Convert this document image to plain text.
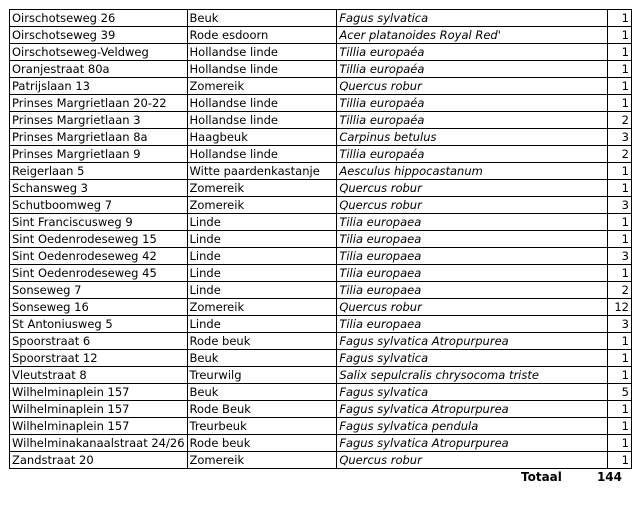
Oirschotseweg 26	Beuk	Fagus sylvatica	1
Oirschotseweg 39	Rode esdoorn	Acer platanoides Royal Red'	1
Oirschotseweg-Veldweg	Hollandse linde	Tillia europaéa	1
Oranjestraat 80a	Hollandse linde	Tillia europaéa	1
Patrijslaan 13	Zomereik	Quercus robur	1
Prinses Margrietlaan 20-22	Hollandse linde	Tillia europaéa	1
Prinses Margrietlaan 3	Hollandse linde	Tillia europaéa	2
Prinses Margrietlaan 8a	Haagbeuk	Carpinus betulus	3
Prinses Margrietlaan 9	Hollandse linde	Tillia europaéa	2
Reigerlaan 5	Witte paardenkastanje	Aesculus hippocastanum	1
Schansweg 3	Zomereik	Quercus robur	1
Schutboomweg 7	Zomereik	Quercus robur	3
Sint Franciscusweg 9	Linde	Tilia europaea	1
Sint Oedenrodeseweg 15	Linde	Tilia europaea	1
Sint Oedenrodeseweg 42	Linde	Tilia europaea	3
Sint Oedenrodeseweg 45	Linde	Tilia europaea	1
Sonseweg 7	Linde	Tilia europaea	2
Sonseweg 16	Zomereik	Quercus robur	12
St Antoniusweg 5	Linde	Tilia europaea	3
Spoorstraat 6	Rode beuk	Fagus sylvatica Atropurpurea	1
Spoorstraat 12	Beuk	Fagus sylvatica	1
Vleutstraat 8	Treurwilg	Salix sepulcralis chrysocoma triste	1
Wilhelminaplein 157	Beuk	Fagus sylvatica	5
Wilhelminaplein 157	Rode Beuk	Fagus sylvatica Atropurpurea	1
Wilhelminaplein 157	Treurbeuk	Fagus sylvatica pendula	1
Wilhelminakanaalstraat 24/26	Rode beuk	Fagus sylvatica Atropurpurea	1
Zandstraat 20	Zomereik	Quercus robur	1
Totaal	144
